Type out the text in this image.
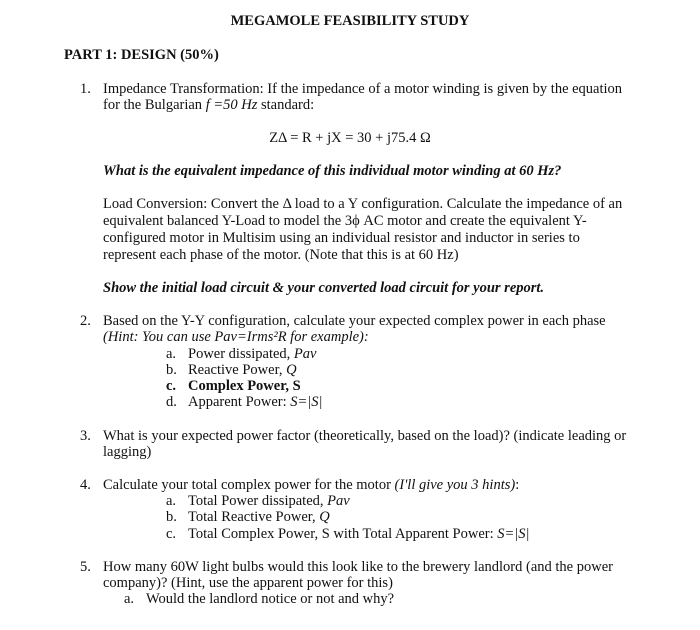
MEGAMOLE FEASIBILITY STUDY
PART 1: DESIGN (50%)
1. Impedance Transformation: If the impedance of a motor winding is given by the equation
for the Bulgarian f =50 Hz standard:
ZΔ = R + jX = 30 + j75.4 Ω
What is the equivalent impedance of this individual motor winding at 60 Hz?
Load Conversion: Convert the Δ load to a Y configuration. Calculate the impedance of an
equivalent balanced Y-Load to model the 3ϕ AC motor and create the equivalent Y-
configured motor in Multisim using an individual resistor and inductor in series to
represent each phase of the motor. (Note that this is at 60 Hz)
Show the initial load circuit & your converted load circuit for your report.
2. Based on the Y-Y configuration, calculate your expected complex power in each phase
(Hint: You can use Pav=Irms²R for example):
a. Power dissipated, Pav
b. Reactive Power, Q
c. Complex Power, S
d. Apparent Power: S=|S|
3. What is your expected power factor (theoretically, based on the load)? (indicate leading or
lagging)
4. Calculate your total complex power for the motor (I'll give you 3 hints):
a. Total Power dissipated, Pav
b. Total Reactive Power, Q
c. Total Complex Power, S with Total Apparent Power: S=|S|
5. How many 60W light bulbs would this look like to the brewery landlord (and the power
company)? (Hint, use the apparent power for this)
a. Would the landlord notice or not and why?
